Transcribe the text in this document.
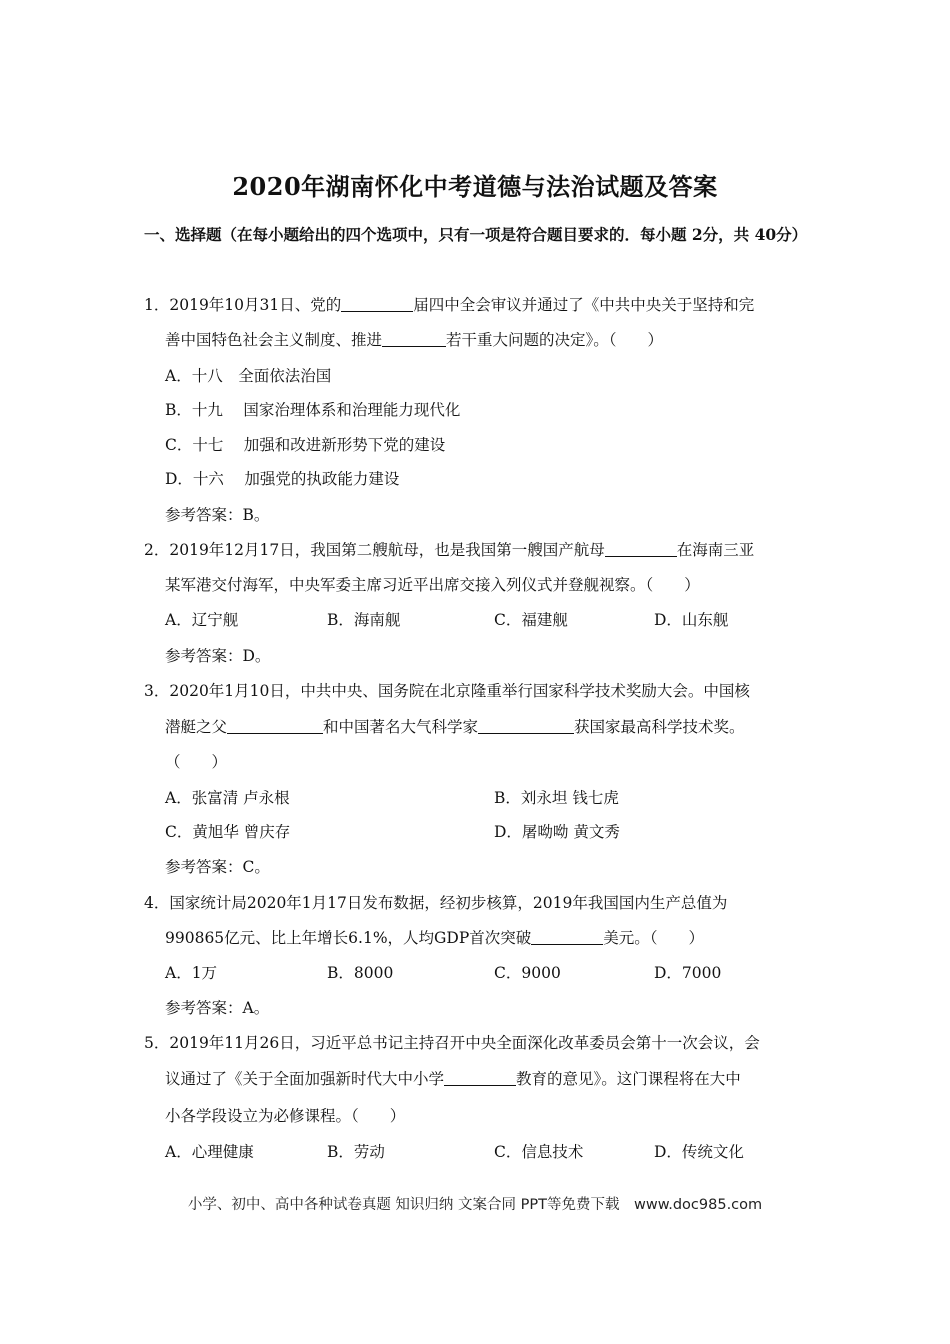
2020年湖南怀化中考道德与法治试题及答案
一、选择题（在每小题给出的四个选项中，只有一项是符合题目要求的．每小题 2分，共 40分）
1．2019年10月31日、党的	届四中全会审议并通过了《中共中央关于坚持和完
善中国特色社会主义制度、推进	若干重大问题的决定》。（　　）
A．十八　全面依法治国
B．十九　 国家治理体系和治理能力现代化
C．十七　 加强和改进新形势下党的建设
D．十六　 加强党的执政能力建设
参考答案：B。
2．2019年12月17日，我国第二艘航母，也是我国第一艘国产航母	在海南三亚
某军港交付海军，中央军委主席习近平出席交接入列仪式并登舰视察。（　　）
A．辽宁舰	B．海南舰	C．福建舰	D．山东舰
参考答案：D。
3．2020年1月10日，中共中央、国务院在北京隆重举行国家科学技术奖励大会。中国核
潜艇之父	和中国著名大气科学家	获国家最高科学技术奖。
（　　）
A．张富清 卢永根	B．刘永坦 钱七虎
C．黄旭华 曾庆存	D．屠呦呦 黄文秀
参考答案：C。
4．国家统计局2020年1月17日发布数据，经初步核算，2019年我国国内生产总值为
990865亿元、比上年增长6.1%，人均GDP首次突破	美元。（　　）
A．1万	B．8000	C．9000	D．7000
参考答案：A。
5．2019年11月26日，习近平总书记主持召开中央全面深化改革委员会第十一次会议，会
议通过了《关于全面加强新时代大中小学	教育的意见》。这门课程将在大中
小各学段设立为必修课程。（　　）
A．心理健康	B．劳动	C．信息技术	D．传统文化
小学、初中、高中各种试卷真题 知识归纳 文案合同 PPT等免费下载　www.doc985.com
